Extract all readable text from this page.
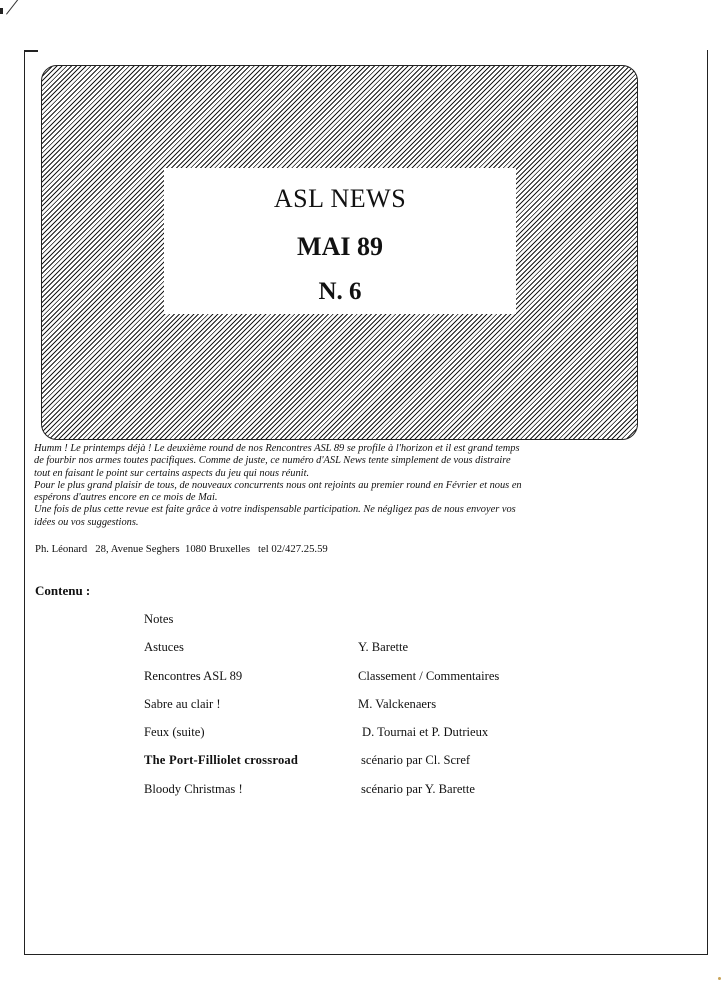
ASL NEWS
MAI 89
N. 6
Humm ! Le printemps déjà ! Le deuxième round de nos Rencontres ASL 89 se profile à l'horizon et il est grand temps
de fourbir nos armes toutes pacifiques. Comme de juste, ce numéro d'ASL News tente simplement de vous distraire
tout en faisant le point sur certains aspects du jeu qui nous réunit.
Pour le plus grand plaisir de tous, de nouveaux concurrents nous ont rejoints au premier round en Février et nous en
espérons d'autres encore en ce mois de Mai.
Une fois de plus cette revue est faite grâce à votre indispensable participation. Ne négligez pas de nous envoyer vos
idées ou vos suggestions.
Ph. Léonard   28, Avenue Seghers  1080 Bruxelles   tel 02/427.25.59
Contenu :
Notes
Astuces	Y. Barette
Rencontres ASL 89	Classement / Commentaires
Sabre au clair !	M. Valckenaers
Feux (suite)	D. Tournai et P. Dutrieux
The Port-Filliolet crossroad	scénario par Cl. Scref
Bloody Christmas !	scénario par Y. Barette
